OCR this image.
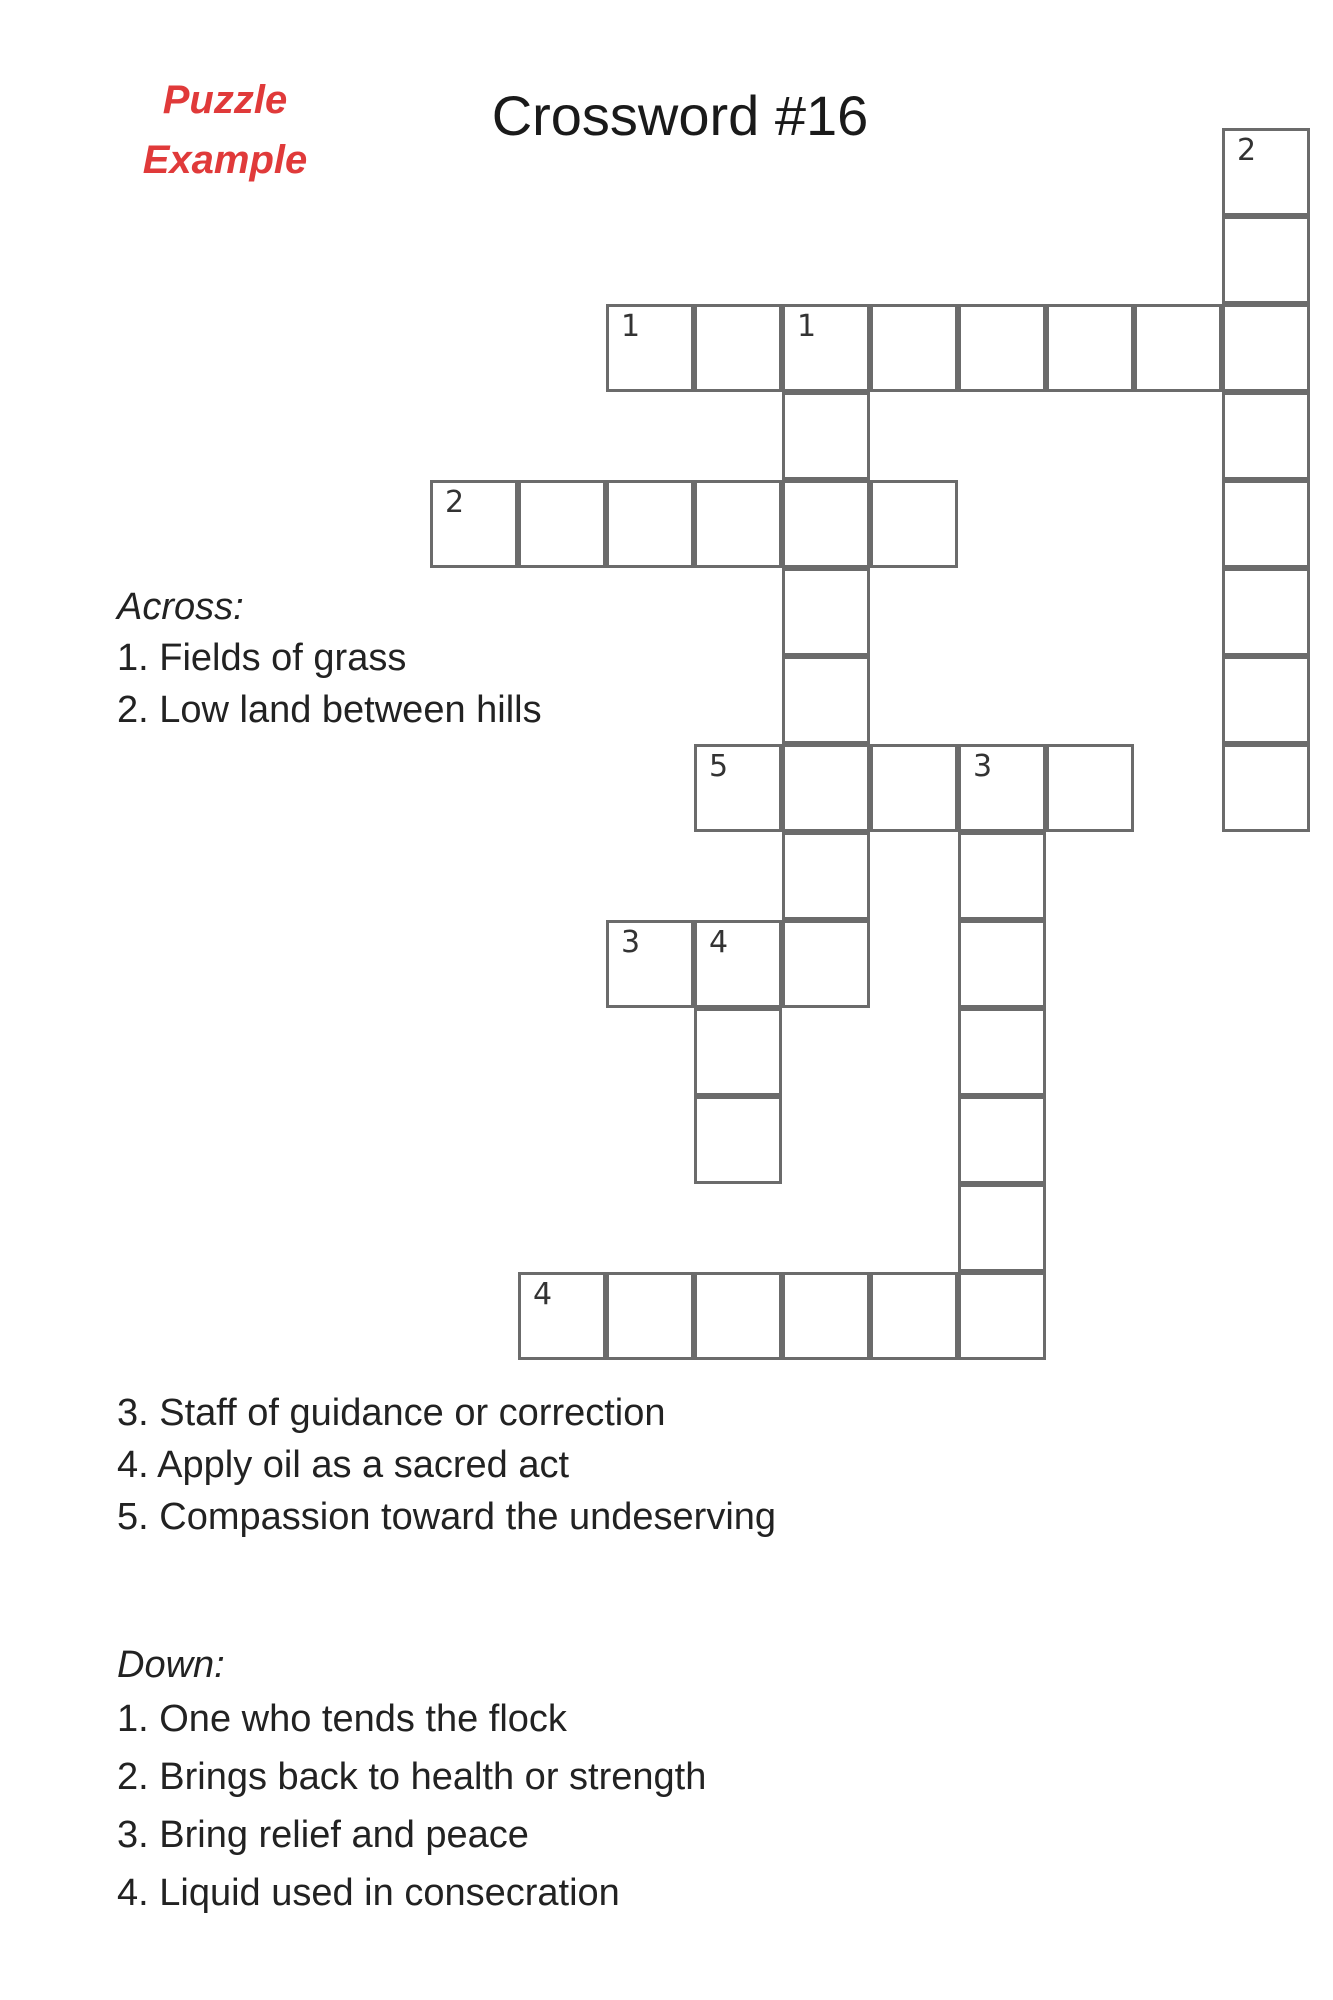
Puzzle
Example
Crossword #16
2
1	1
2
5	3
3 4
4
Across:
1. Fields of grass
2. Low land between hills
3. Staff of guidance or correction
4. Apply oil as a sacred act
5. Compassion toward the undeserving
Down:
1. One who tends the flock
2. Brings back to health or strength
3. Bring relief and peace
4. Liquid used in consecration
